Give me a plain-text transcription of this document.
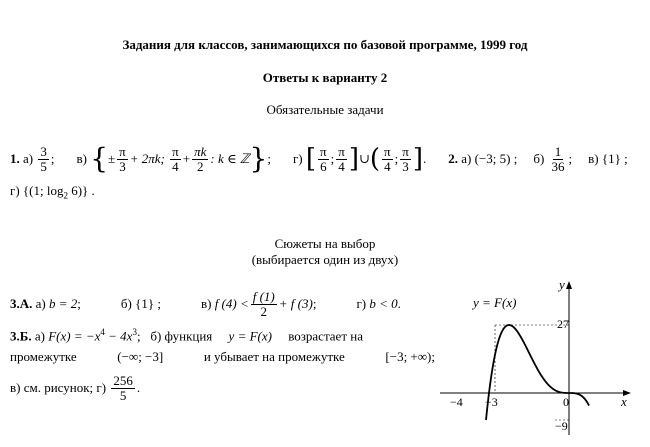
Задания для классов, занимающихся по базовой программе, 1999 год
Ответы к варианту 2
Обязательные задачи
1.
а)
$\frac{3}{5}$ ; в)
{ ± $\frac{\pi}{3} + 2\pi k$;
$\frac{\pi}{4} + \frac{\pi k}{2}$ : k ∈ ℤ } ; г)
[ $\frac{\pi}{6}$ ; $\frac{\pi}{4}$ ] ∪ ( $\frac{\pi}{4}$ ; $\frac{\pi}{3}$ ] . 2.
а)
(−3; 5) ; б)
$\frac{1}{36}$ ; в)
{1} ;
г) {(1; $\log_2 6$)} .
Сюжеты на выбор
(выбирается один из двух)
3.А.
а)
b = 2 ;	б)
{1} ;	в)
f $(4) < \frac{f (1)}{2} + f$ (3) ;	г)
b < 0 .
3.Б. а) $F(x) = -x^4 - 4x^3$;   б) функция y = F(x) возрастает на
промежутке	(−∞; −3]	и убывает на промежутке	[−3; +∞);
в) см. рисунок; г)
$\frac{256}{5}$ .
y = F(x)
y
x
27
−9
−4 −3	0
